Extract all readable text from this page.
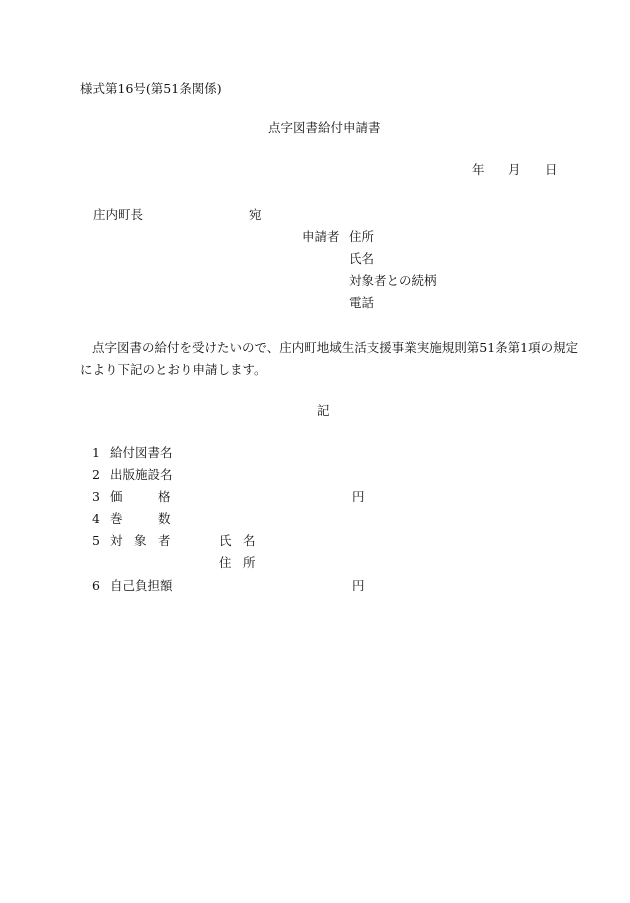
様式第16号(第51条関係)
点字図書給付申請書
年 月 日
庄内町長	宛
申請者 住所
氏名
対象者との続柄
電話
点字図書の給付を受けたいので、庄内町地域生活支援事業実施規則第51条第1項の規定
により下記のとおり申請します。
記
1 給付図書名
2 出版施設名
3 価	格	円
4 巻	数
5 対 象 者	氏 名
住 所
6 自己負担額	円
